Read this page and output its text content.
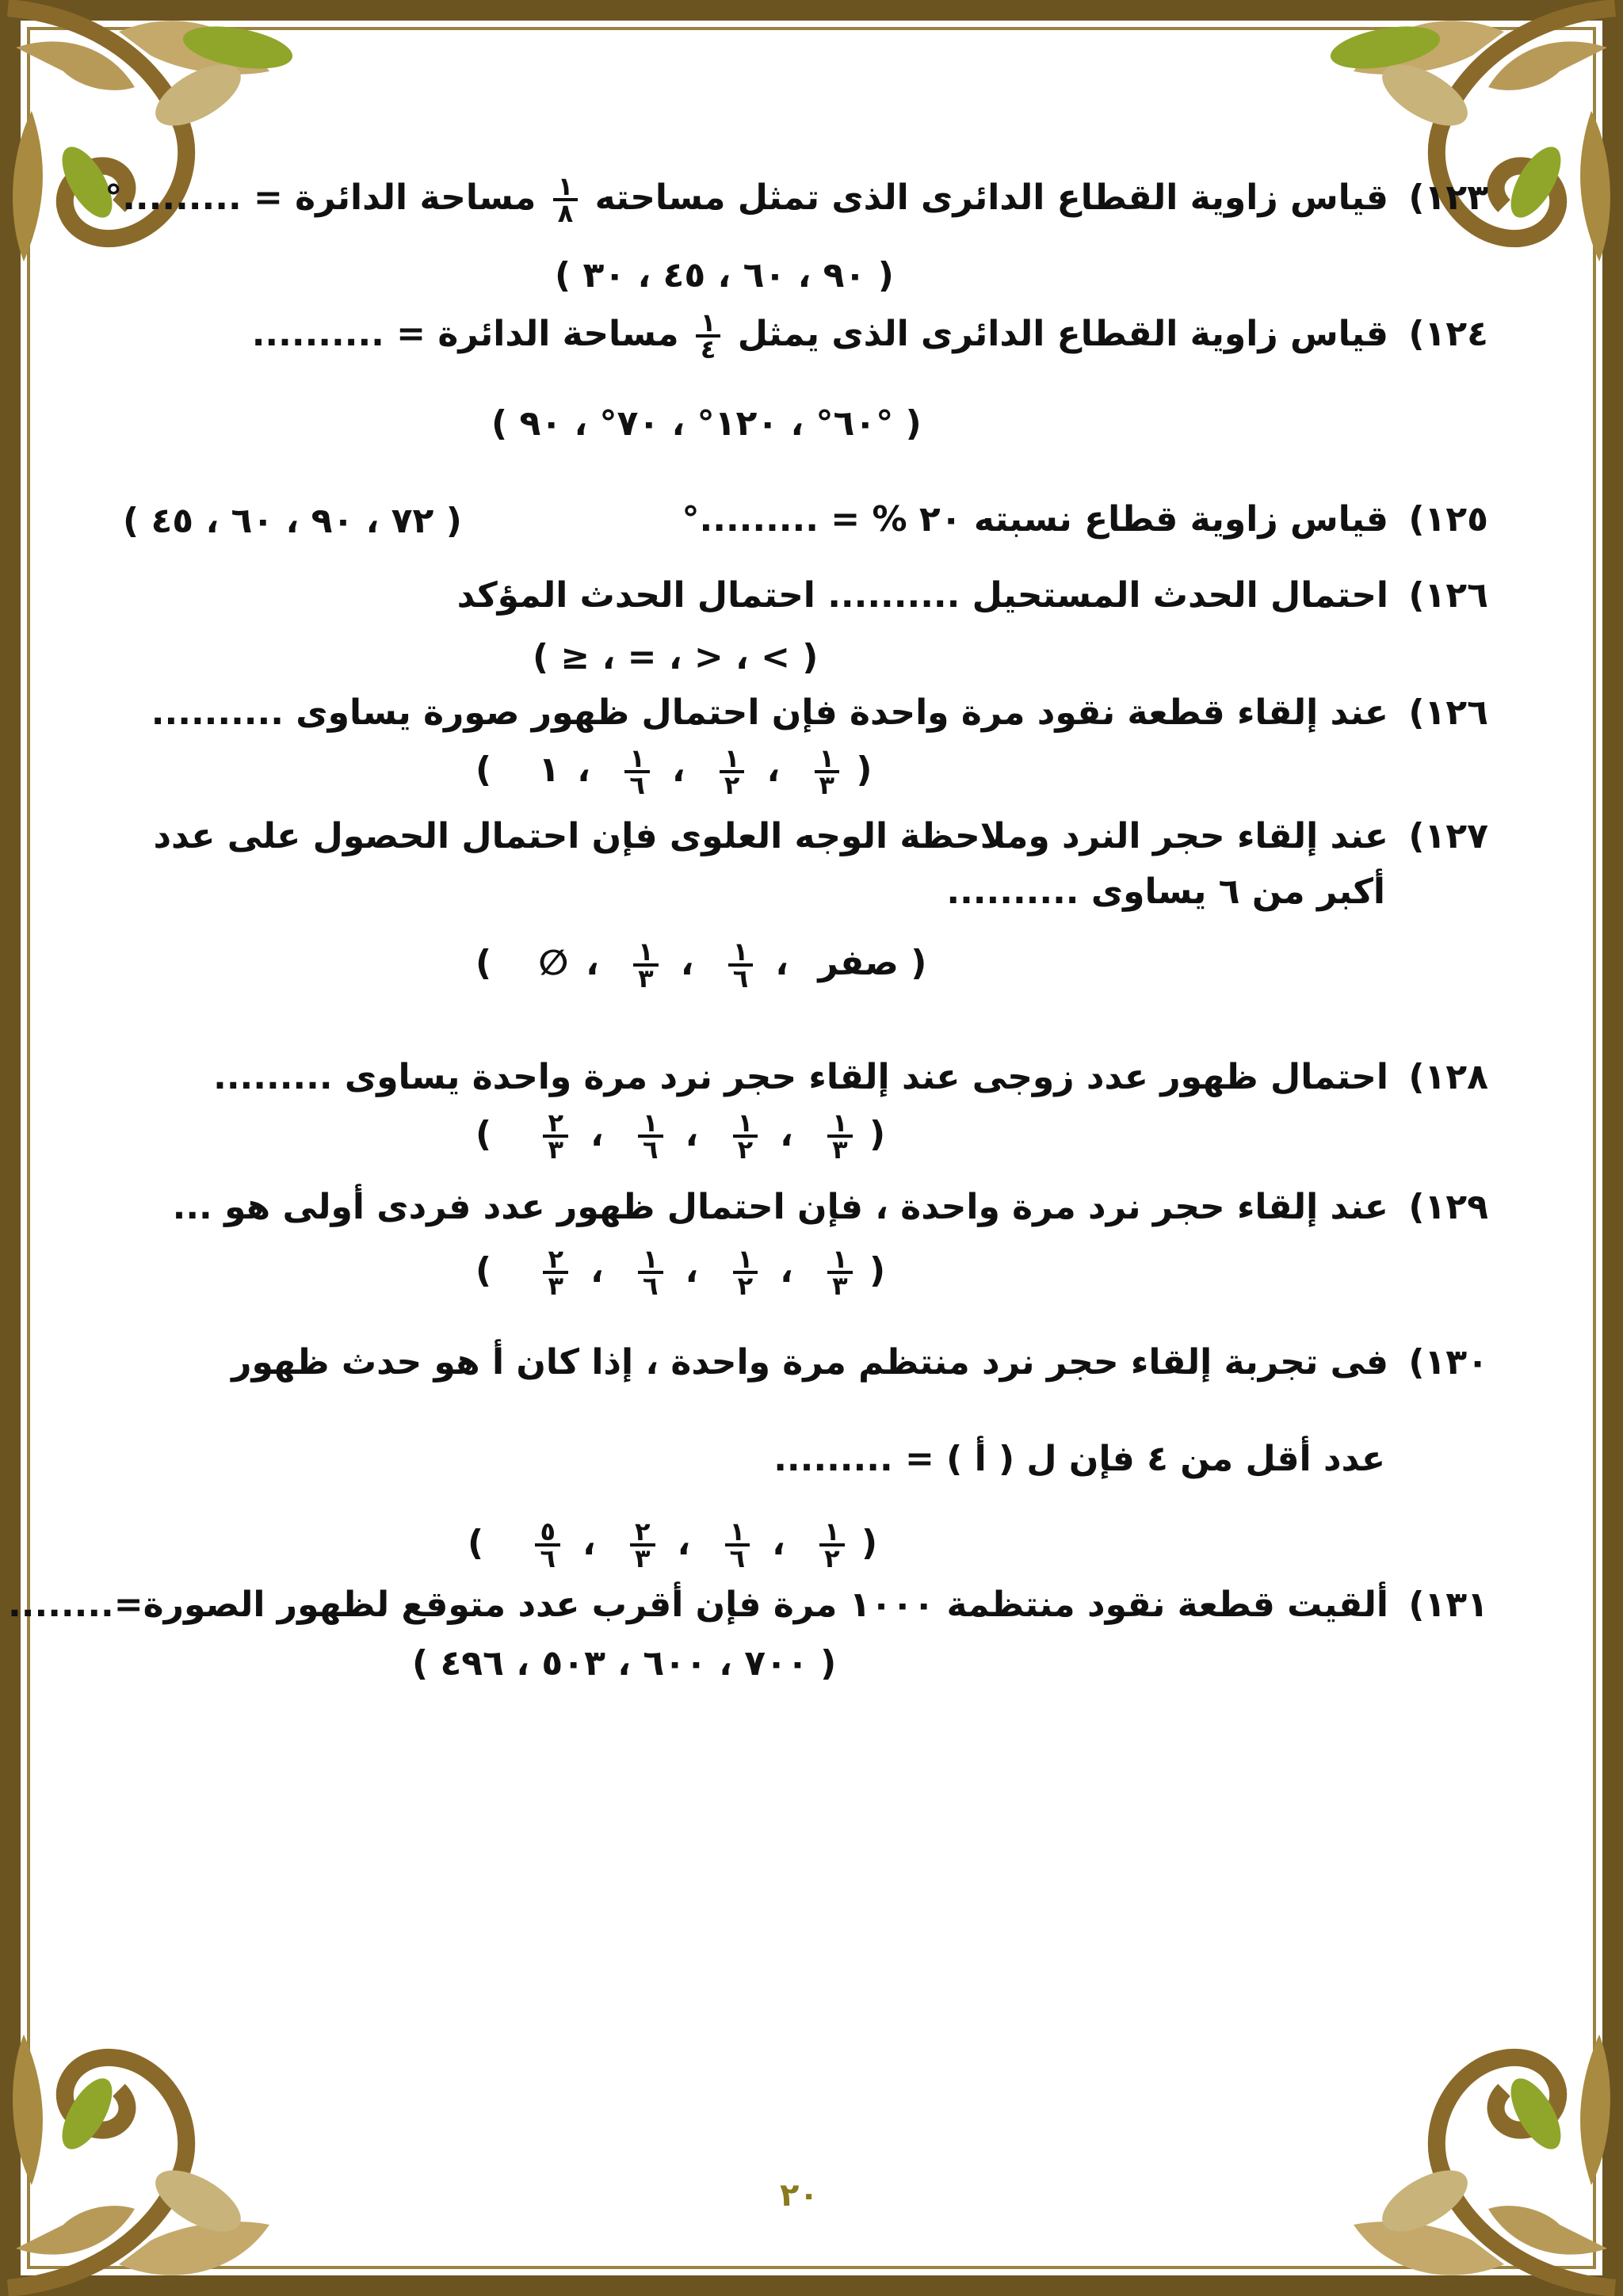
١٢٣) قياس زاوية القطاع الدائرى الذى تمثل مساحته
$\frac{١}{٨}$
مساحة الدائرة = .........°
( ٩٠ ، ٦٠ ، ٤٥ ، ٣٠ )
١٢٤) قياس زاوية القطاع الدائرى الذى يمثل
$\frac{١}{٤}$
مساحة الدائرة = ..........
( ٦٠° ، ١٢٠° ، ٧٠° ، ٩٠° )
١٢٥) قياس زاوية قطاع نسبته ٢٠ % = .........°
( ٧٢ ، ٩٠ ، ٦٠ ، ٤٥ )
١٢٦) احتمال الحدث المستحيل .......... احتمال الحدث المؤكد
( ≥ ، = ، > ، < )
١٢٦) عند إلقاء قطعة نقود مرة واحدة فإن احتمال ظهور صورة يساوى ..........
( ١ ، $\frac{١}{٦}$ ، $\frac{١}{٢}$ ، $\frac{١}{٣}$ )
١٢٧) عند إلقاء حجر النرد وملاحظة الوجه العلوى فإن احتمال الحصول على عدد
أكبر من ٦ يساوى ..........
( ∅ ، $\frac{١}{٣}$ ، $\frac{١}{٦}$ ، صفر )
١٢٨) احتمال ظهور عدد زوجى عند إلقاء حجر نرد مرة واحدة يساوى .........
( $\frac{٢}{٣}$ ، $\frac{١}{٦}$ ، $\frac{١}{٢}$ ، $\frac{١}{٣}$ )
١٢٩) عند إلقاء حجر نرد مرة واحدة ، فإن احتمال ظهور عدد فردى أولى هو ...
( $\frac{٢}{٣}$ ، $\frac{١}{٦}$ ، $\frac{١}{٢}$ ، $\frac{١}{٣}$ )
١٣٠) فى تجربة إلقاء حجر نرد منتظم مرة واحدة ، إذا كان أ هو حدث ظهور
عدد أقل من ٤ فإن ل ( أ ) = .........
( $\frac{٥}{٦}$ ، $\frac{٢}{٣}$ ، $\frac{١}{٦}$ ، $\frac{١}{٢}$ )
١٣١) ألقيت قطعة نقود منتظمة ١٠٠٠ مرة فإن أقرب عدد متوقع لظهور الصورة=........
( ٧٠٠ ، ٦٠٠ ، ٥٠٣ ، ٤٩٦ )
٢٠
